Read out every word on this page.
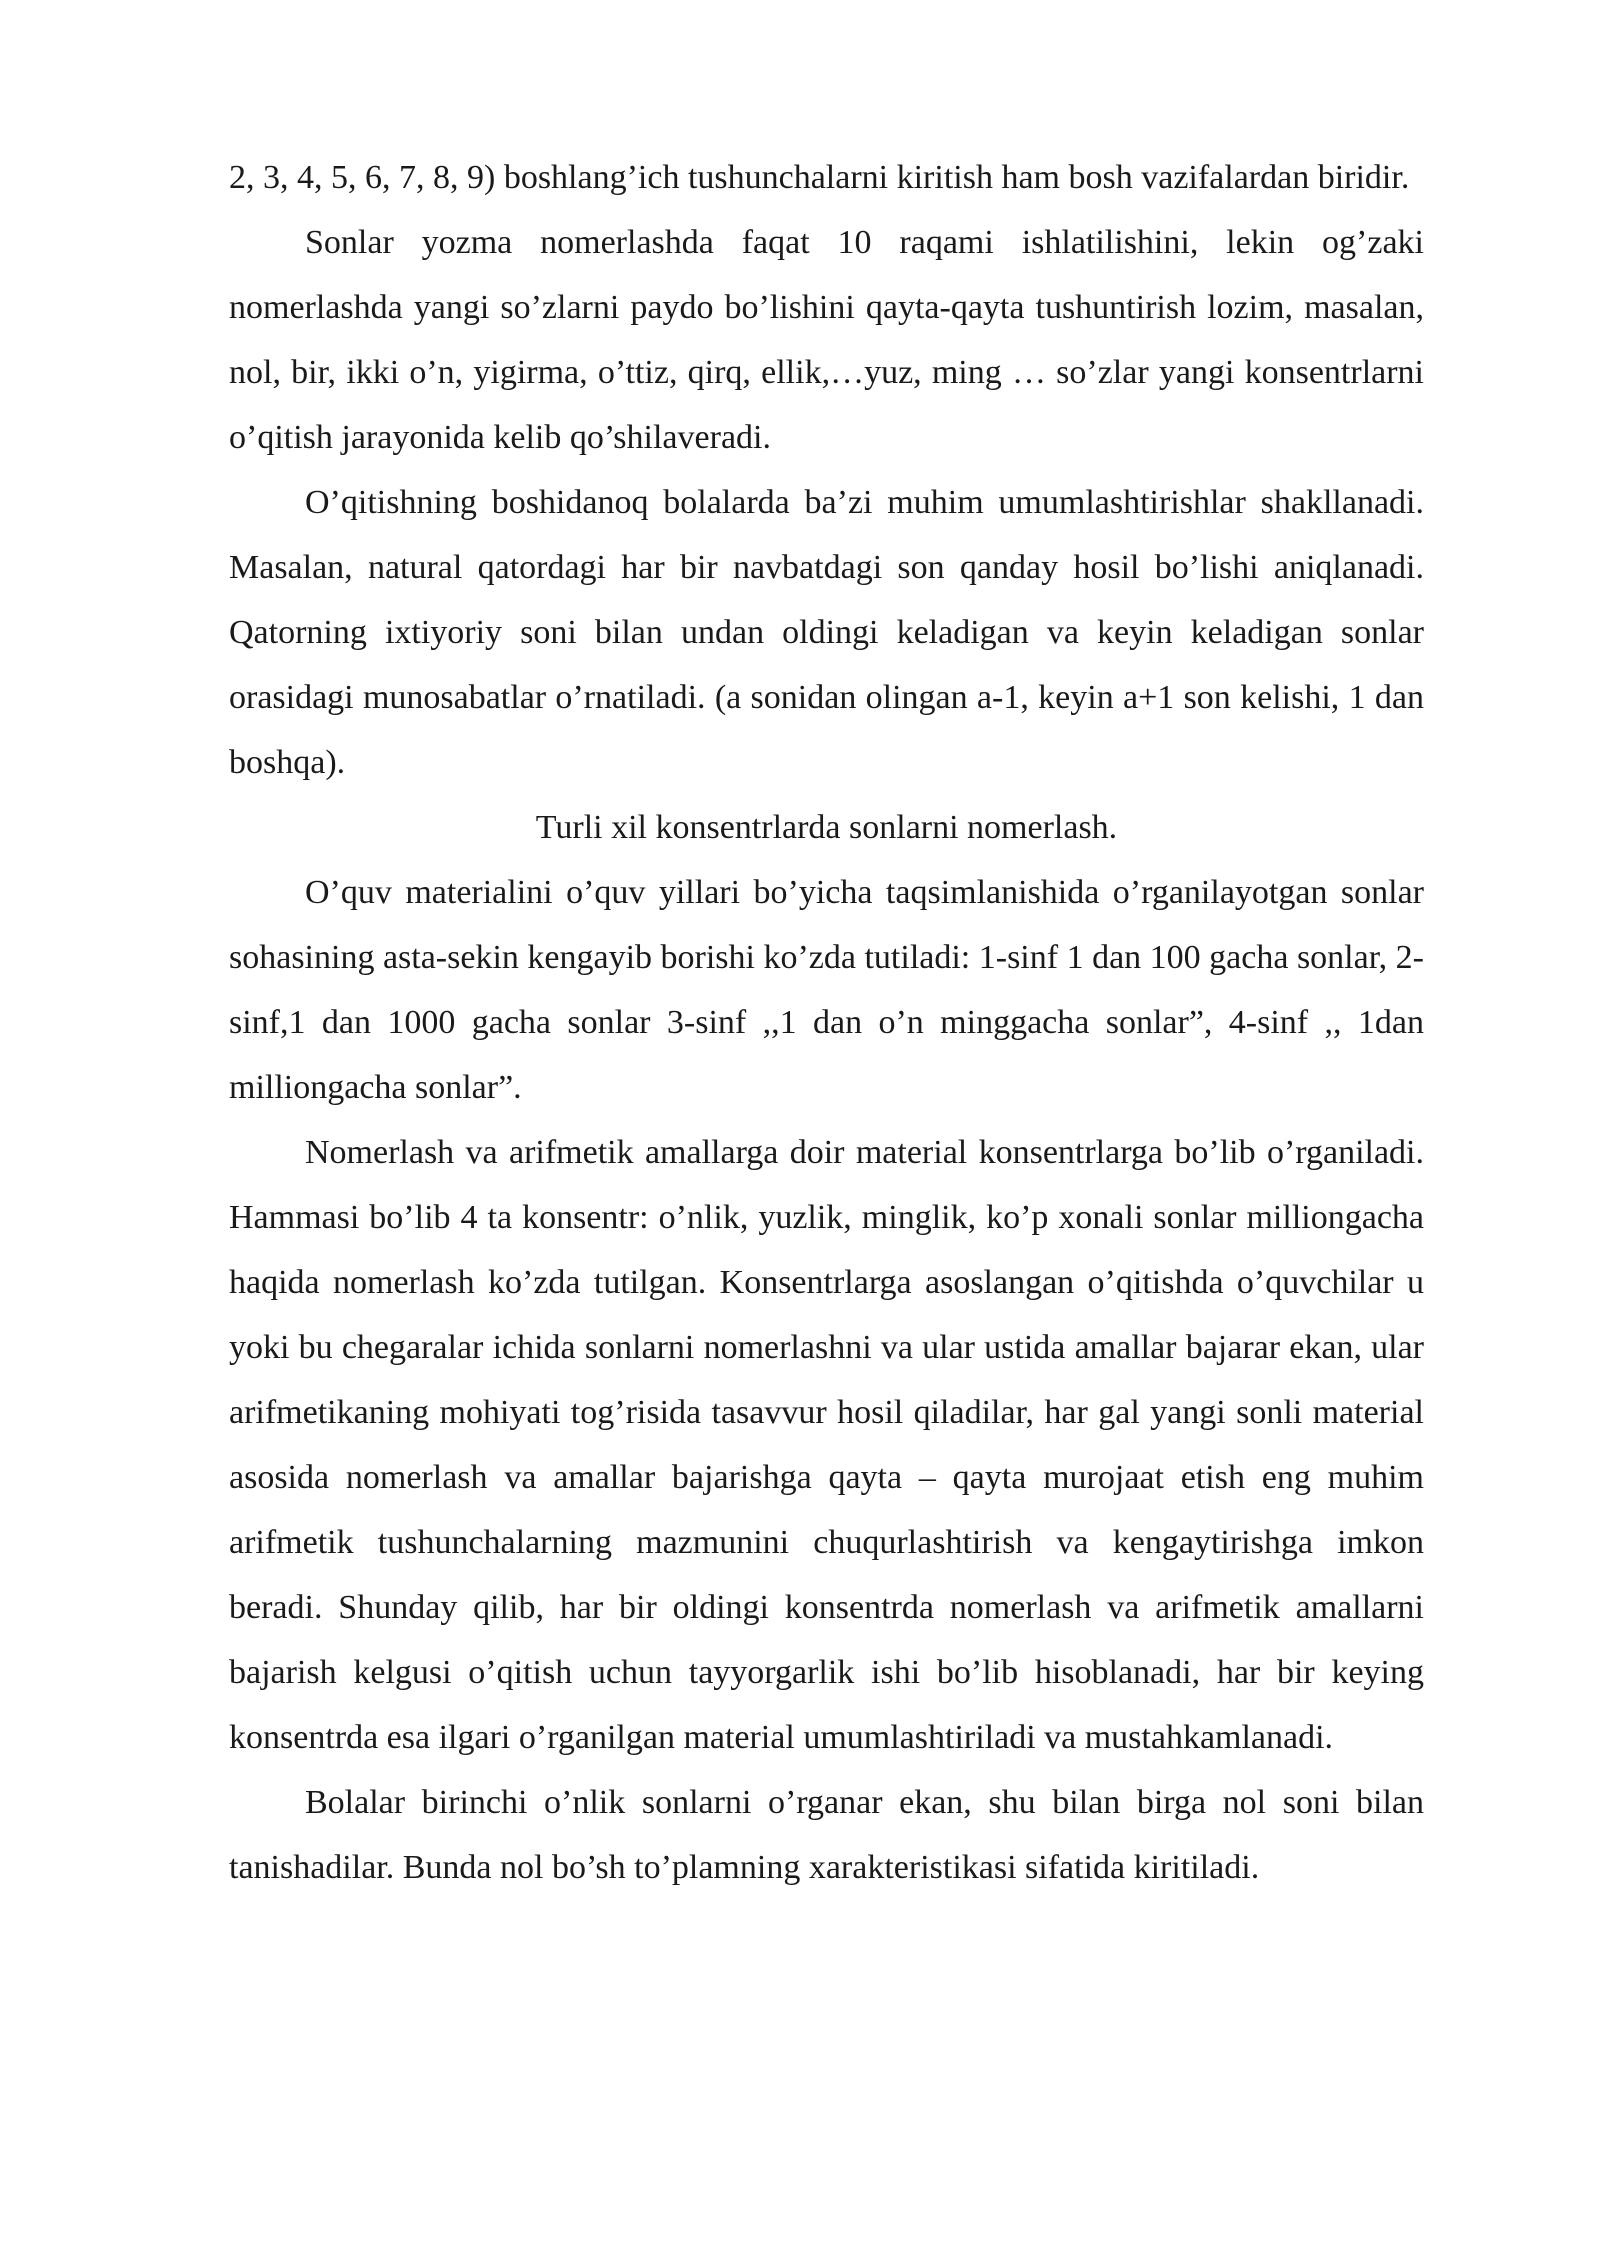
2, 3, 4, 5, 6, 7, 8, 9) boshlang’ich tushunchalarni kiritish ham bosh vazifalardan biridir.

Sonlar yozma nomerlashda faqat 10 raqami ishlatilishini, lekin og’zaki nomerlashda yangi so’zlarni paydo bo’lishini qayta-qayta tushuntirish lozim, masalan, nol, bir, ikki o’n, yigirma, o’ttiz, qirq, ellik,…yuz, ming … so’zlar yangi konsentrlarni o’qitish jarayonida kelib qo’shilaveradi.

O’qitishning boshidanoq bolalarda ba’zi muhim umumlashtirishlar shakllanadi. Masalan, natural qatordagi har bir navbatdagi son qanday hosil bo’lishi aniqlanadi. Qatorning ixtiyoriy soni bilan undan oldingi keladigan va keyin keladigan sonlar orasidagi munosabatlar o’rnatiladi. (a sonidan olingan a-1, keyin a+1 son kelishi, 1 dan boshqa).

Turli xil konsentrlarda sonlarni nomerlash.

O’quv materialini o’quv yillari bo’yicha taqsimlanishida o’rganilayotgan sonlar sohasining asta-sekin kengayib borishi ko’zda tutiladi: 1-sinf 1 dan 100 gacha sonlar, 2-sinf,1 dan 1000 gacha sonlar 3-sinf ,,1 dan o’n minggacha sonlar”, 4-sinf ,, 1dan milliongacha sonlar”.

Nomerlash va arifmetik amallarga doir material konsentrlarga bo’lib o’rganiladi. Hammasi bo’lib 4 ta konsentr: o’nlik, yuzlik, minglik, ko’p xonali sonlar milliongacha haqida nomerlash ko’zda tutilgan. Konsentrlarga asoslangan o’qitishda o’quvchilar u yoki bu chegaralar ichida sonlarni nomerlashni va ular ustida amallar bajarar ekan, ular arifmetikaning mohiyati tog’risida tasavvur hosil qiladilar, har gal yangi sonli material asosida nomerlash va amallar bajarishga qayta – qayta murojaat etish eng muhim arifmetik tushunchalarning mazmunini chuqurlashtirish va kengaytirishga imkon beradi. Shunday qilib, har bir oldingi konsentrda nomerlash va arifmetik amallarni bajarish kelgusi o’qitish uchun tayyorgarlik ishi bo’lib hisoblanadi, har bir keying konsentrda esa ilgari o’rganilgan material umumlashtiriladi va mustahkamlanadi.

Bolalar birinchi o’nlik sonlarni o’rganar ekan, shu bilan birga nol soni bilan tanishadilar. Bunda nol bo’sh to’plamning xarakteristikasi sifatida kiritiladi.
